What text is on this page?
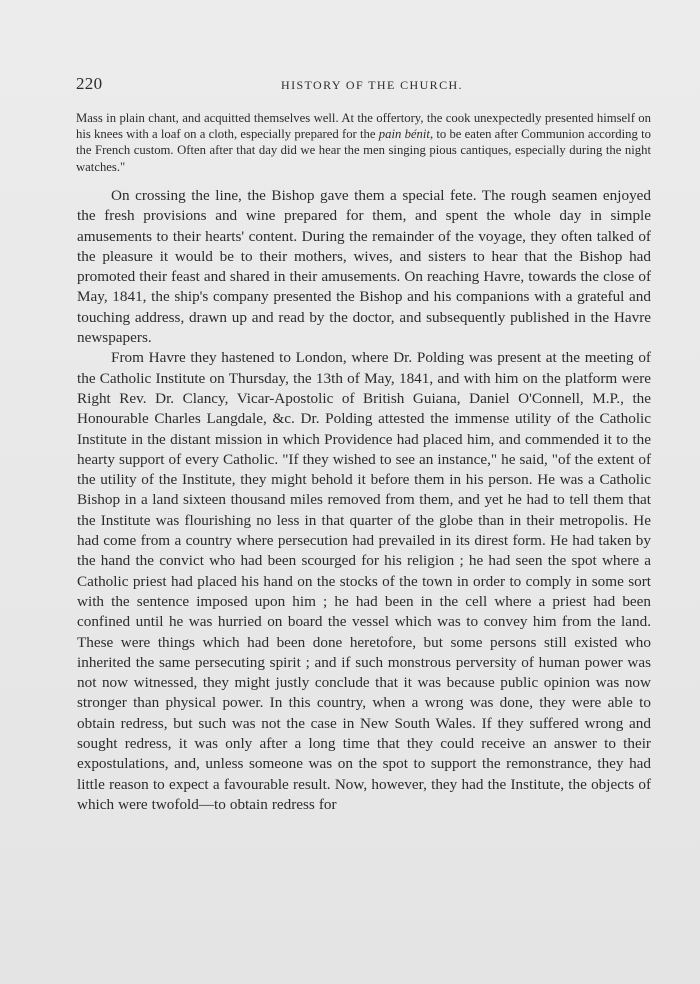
220	HISTORY OF THE CHURCH.

Mass in plain chant, and acquitted themselves well. At the offertory, the cook unexpectedly presented himself on his knees with a loaf on a cloth, especially prepared for the pain bénit, to be eaten after Communion according to the French custom. Often after that day did we hear the men singing pious cantiques, especially during the night watches."

On crossing the line, the Bishop gave them a special fete. The rough seamen enjoyed the fresh provisions and wine prepared for them, and spent the whole day in simple amusements to their hearts' content. During the remainder of the voyage, they often talked of the pleasure it would be to their mothers, wives, and sisters to hear that the Bishop had promoted their feast and shared in their amusements. On reaching Havre, towards the close of May, 1841, the ship's company presented the Bishop and his companions with a grateful and touching address, drawn up and read by the doctor, and subsequently published in the Havre newspapers.

From Havre they hastened to London, where Dr. Polding was present at the meeting of the Catholic Institute on Thursday, the 13th of May, 1841, and with him on the platform were Right Rev. Dr. Clancy, Vicar-Apostolic of British Guiana, Daniel O'Connell, M.P., the Honourable Charles Langdale, &c. Dr. Polding attested the immense utility of the Catholic Institute in the distant mission in which Providence had placed him, and commended it to the hearty support of every Catholic. "If they wished to see an instance," he said, "of the extent of the utility of the Institute, they might behold it before them in his person. He was a Catholic Bishop in a land sixteen thousand miles removed from them, and yet he had to tell them that the Institute was flourishing no less in that quarter of the globe than in their metropolis. He had come from a country where persecution had prevailed in its direst form. He had taken by the hand the convict who had been scourged for his religion ; he had seen the spot where a Catholic priest had placed his hand on the stocks of the town in order to comply in some sort with the sentence imposed upon him ; he had been in the cell where a priest had been confined until he was hurried on board the vessel which was to convey him from the land. These were things which had been done heretofore, but some persons still existed who inherited the same persecuting spirit ; and if such monstrous perversity of human power was not now witnessed, they might justly conclude that it was because public opinion was now stronger than physical power. In this country, when a wrong was done, they were able to obtain redress, but such was not the case in New South Wales. If they suffered wrong and sought redress, it was only after a long time that they could receive an answer to their expostulations, and, unless someone was on the spot to support the remonstrance, they had little reason to expect a favourable result. Now, however, they had the Institute, the objects of which were twofold—to obtain redress for
